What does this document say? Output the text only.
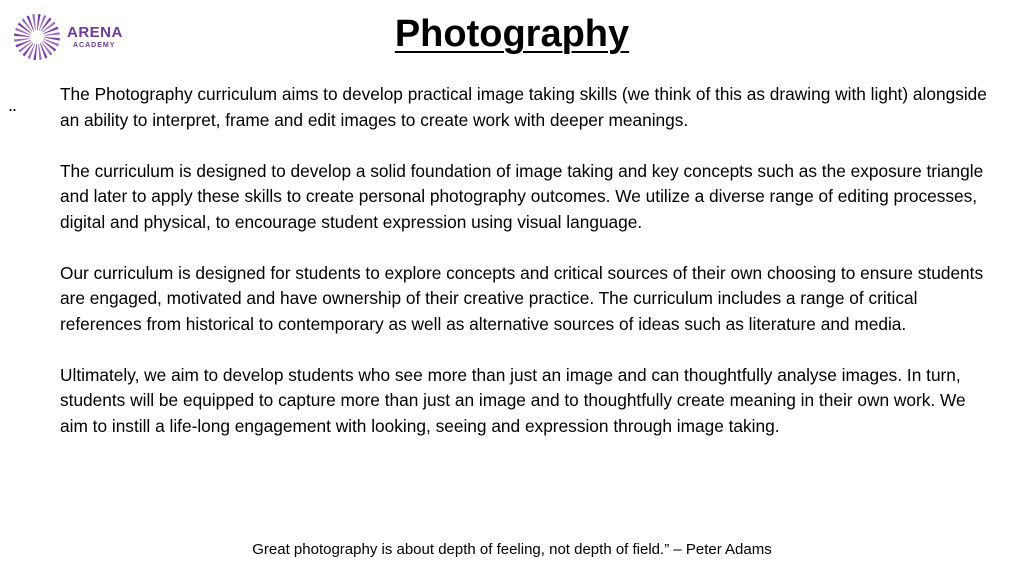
ARENA
ACADEMY	Photography
..

The Photography curriculum aims to develop practical image taking skills (we think of this as drawing with light) alongside an ability to interpret, frame and edit images to create work with deeper meanings.

The curriculum is designed to develop a solid foundation of image taking and key concepts such as the exposure triangle and later to apply these skills to create personal photography outcomes. We utilize a diverse range of editing processes, digital and physical, to encourage student expression using visual language.

Our curriculum is designed for students to explore concepts and critical sources of their own choosing to ensure students are engaged, motivated and have ownership of their creative practice. The curriculum includes a range of critical references from historical to contemporary as well as alternative sources of ideas such as literature and media.

Ultimately, we aim to develop students who see more than just an image and can thoughtfully analyse images. In turn, students will be equipped to capture more than just an image and to thoughtfully create meaning in their own work. We aim to instill a life-long engagement with looking, seeing and expression through image taking.

Great photography is about depth of feeling, not depth of field.” – Peter Adams
